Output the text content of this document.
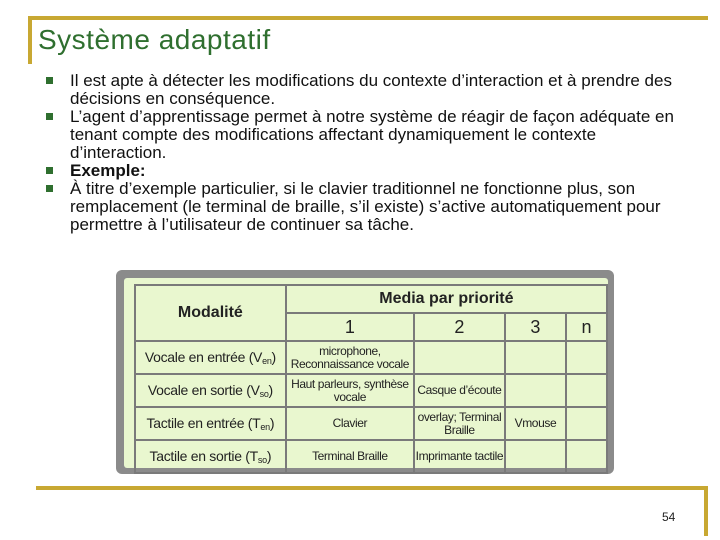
Système adaptatif
Il est apte à détecter les modifications du contexte d’interaction et à prendre des décisions en conséquence.
L’agent d’apprentissage permet à notre système de réagir de façon adéquate en tenant compte des modifications affectant dynamiquement le contexte d’interaction.
Exemple:
À titre d’exemple particulier, si le clavier traditionnel ne fonctionne plus, son remplacement (le terminal de braille, s’il existe) s’active automatiquement pour permettre à l’utilisateur de continuer sa tâche.
Modalité	Media par priorité			
	1	2	3	n
Vocale en entrée $(V_{en})$	microphone, Reconnaissance vocale			
Vocale en sortie $(V_{so})$	Haut parleurs, synthèse vocale	Casque d’écoute		
Tactile en entrée $(T_{en})$	Clavier	overlay; Terminal Braille	Vmouse	
Tactile en sortie $(T_{so})$	Terminal Braille	Imprimante tactile		
54
